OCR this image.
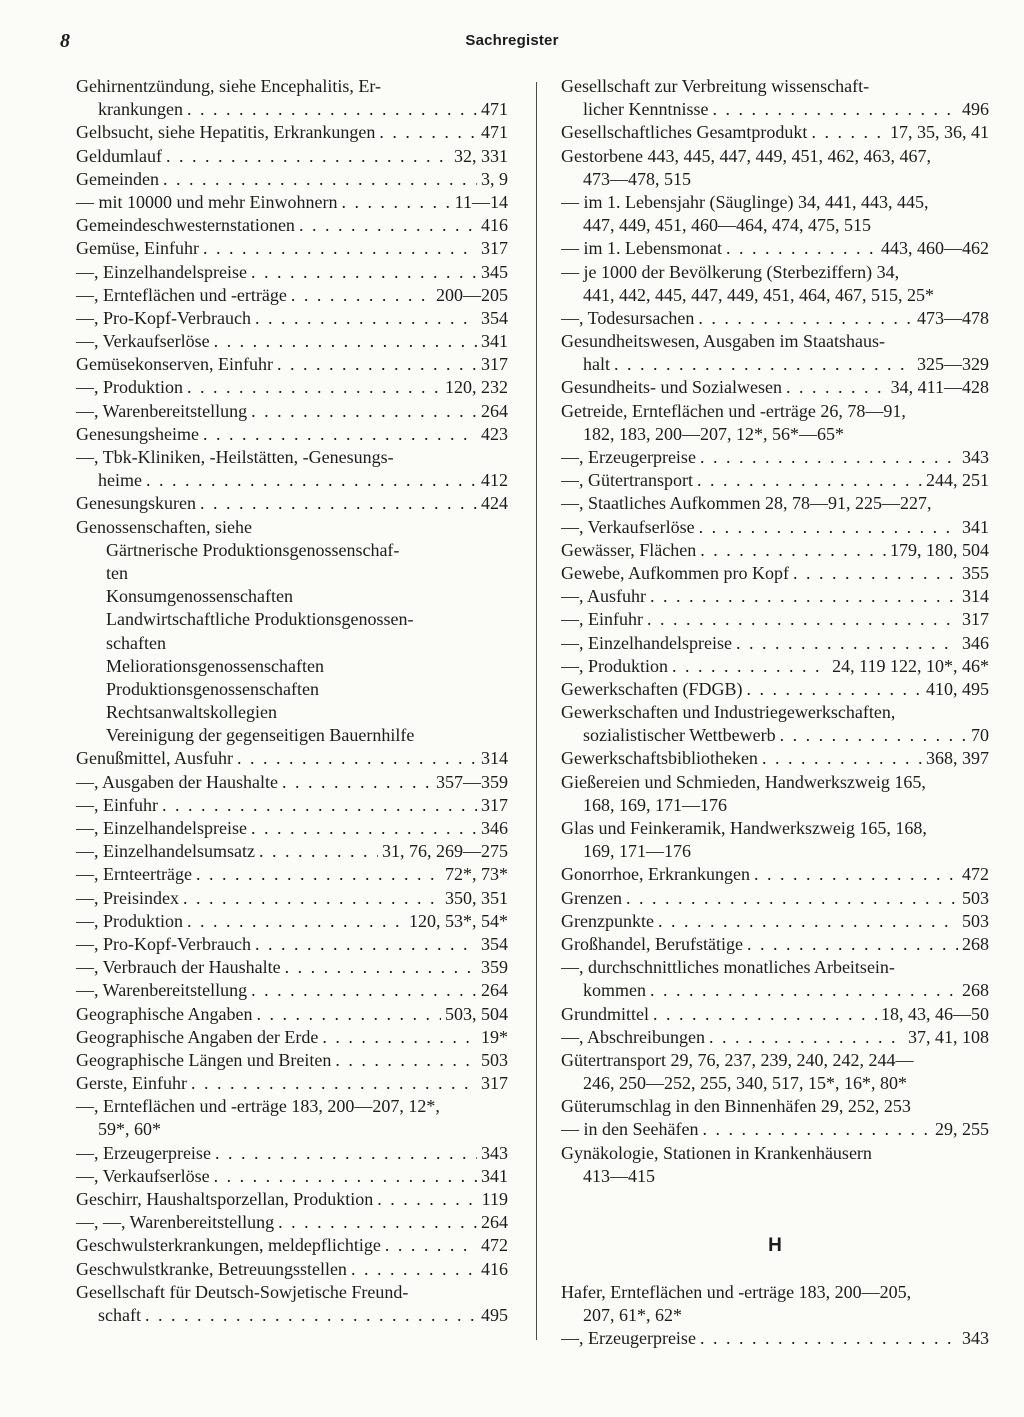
8	Sachregister
Gehirnentzündung, siehe Encephalitis, Er-
krankungen . . .	471
Gelbsucht, siehe Hepatitis, Erkrankungen . . .	471
Geldumlauf . . .	32, 331
Gemeinden . . .	3, 9
— mit 10000 und mehr Einwohnern . . .	11—14
Gemeindeschwesternstationen . . .	416
Gemüse, Einfuhr . . .	317
—, Einzelhandelspreise . . .	345
—, Ernteflächen und -erträge . . .	200—205
—, Pro-Kopf-Verbrauch . . .	354
—, Verkaufserlöse . . .	341
Gemüsekonserven, Einfuhr . . .	317
—, Produktion . . .	120, 232
—, Warenbereitstellung . . .	264
Genesungsheime . . .	423
—, Tbk-Kliniken, -Heilstätten, -Genesungs-
heime . . .	412
Genesungskuren . . .	424
Genossenschaften, siehe
Gärtnerische Produktionsgenossenschaf-
ten
Konsumgenossenschaften
Landwirtschaftliche Produktionsgenossen-
schaften
Meliorationsgenossenschaften
Produktionsgenossenschaften
Rechtsanwaltskollegien
Vereinigung der gegenseitigen Bauernhilfe
Genußmittel, Ausfuhr . . .	314
—, Ausgaben der Haushalte . . .	357—359
—, Einfuhr . . .	317
—, Einzelhandelspreise . . .	346
—, Einzelhandelsumsatz . . .	31, 76, 269—275
—, Ernteerträge . . .	72*, 73*
—, Preisindex . . .	350, 351
—, Produktion . . .	120, 53*, 54*
—, Pro-Kopf-Verbrauch . . .	354
—, Verbrauch der Haushalte . . .	359
—, Warenbereitstellung . . .	264
Geographische Angaben . . .	503, 504
Geographische Angaben der Erde . . .	19*
Geographische Längen und Breiten . . .	503
Gerste, Einfuhr . . .	317
—, Ernteflächen und -erträge 183, 200—207, 12*,
59*, 60*
—, Erzeugerpreise . . .	343
—, Verkaufserlöse . . .	341
Geschirr, Haushaltsporzellan, Produktion . . .	119
—, —, Warenbereitstellung . . .	264
Geschwulsterkrankungen, meldepflichtige . . .	472
Geschwulstkranke, Betreuungsstellen . . .	416
Gesellschaft für Deutsch-Sowjetische Freund-
schaft . . .	495
Gesellschaft zur Verbreitung wissenschaft-
licher Kenntnisse . . .	496
Gesellschaftliches Gesamtprodukt . . .	17, 35, 36, 41
Gestorbene 443, 445, 447, 449, 451, 462, 463, 467,
473—478, 515
— im 1. Lebensjahr (Säuglinge) 34, 441, 443, 445,
447, 449, 451, 460—464, 474, 475, 515
— im 1. Lebensmonat . . .	443, 460—462
— je 1000 der Bevölkerung (Sterbeziffern) 34,
441, 442, 445, 447, 449, 451, 464, 467, 515, 25*
—, Todesursachen . . .	473—478
Gesundheitswesen, Ausgaben im Staatshaus-
halt . . .	325—329
Gesundheits- und Sozialwesen . . .	34, 411—428
Getreide, Ernteflächen und -erträge 26, 78—91,
182, 183, 200—207, 12*, 56*—65*
—, Erzeugerpreise . . .	343
—, Gütertransport . . .	244, 251
—, Staatliches Aufkommen 28, 78—91, 225—227,
—, Verkaufserlöse . . .	341
Gewässer, Flächen . . .	179, 180, 504
Gewebe, Aufkommen pro Kopf . . .	355
—, Ausfuhr . . .	314
—, Einfuhr . . .	317
—, Einzelhandelspreise . . .	346
—, Produktion . . .	24, 119 122, 10*, 46*
Gewerkschaften (FDGB) . . .	410, 495
Gewerkschaften und Industriegewerkschaften,
sozialistischer Wettbewerb . . .	70
Gewerkschaftsbibliotheken . . .	368, 397
Gießereien und Schmieden, Handwerkszweig 165,
168, 169, 171—176
Glas und Feinkeramik, Handwerkszweig 165, 168,
169, 171—176
Gonorrhoe, Erkrankungen . . .	472
Grenzen . . .	503
Grenzpunkte . . .	503
Großhandel, Berufstätige . . .	268
—, durchschnittliches monatliches Arbeitsein-
kommen . . .	268
Grundmittel . . .	18, 43, 46—50
—, Abschreibungen . . .	37, 41, 108
Gütertransport 29, 76, 237, 239, 240, 242, 244—
246, 250—252, 255, 340, 517, 15*, 16*, 80*
Güterumschlag in den Binnenhäfen 29, 252, 253
— in den Seehäfen . . .	29, 255
Gynäkologie, Stationen in Krankenhäusern
413—415
H
Hafer, Ernteflächen und -erträge 183, 200—205,
207, 61*, 62*
—, Erzeugerpreise . . .	343
